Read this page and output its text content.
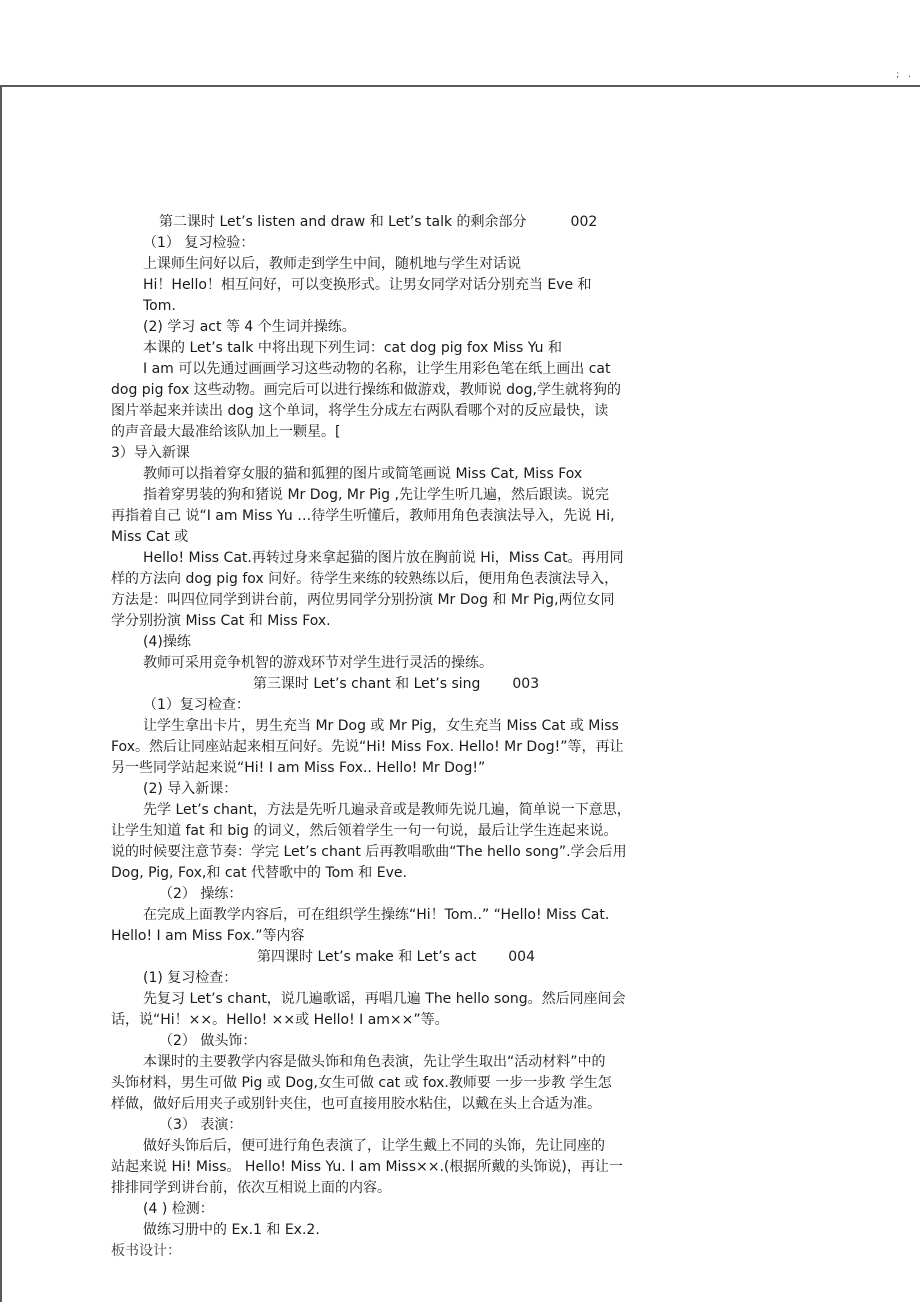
; .

第二课时 Let’s listen and draw 和 Let’s talk 的剩余部分	002

（1） 复习检验：

上课师生问好以后，教师走到学生中间，随机地与学生对话说

Hi！Hello！相互问好，可以变换形式。让男女同学对话分别充当 Eve 和

Tom.

(2) 学习 act 等 4 个生词并操练。

本课的 Let’s talk 中将出现下列生词：cat dog pig fox Miss Yu 和

I am 可以先通过画画学习这些动物的名称，让学生用彩色笔在纸上画出 cat

dog pig fox 这些动物。画完后可以进行操练和做游戏，教师说 dog,学生就将狗的

图片举起来并读出 dog 这个单词，将学生分成左右两队看哪个对的反应最快，读

的声音最大最准给该队加上一颗星。[

3）导入新课

教师可以指着穿女服的猫和狐狸的图片或简笔画说 Miss Cat, Miss Fox

指着穿男装的狗和猪说 Mr Dog, Mr Pig ,先让学生听几遍，然后跟读。说完

再指着自己 说“I am Miss Yu …待学生听懂后，教师用角色表演法导入，先说 Hi,

Miss Cat 或

Hello! Miss Cat.再转过身来拿起猫的图片放在胸前说 Hi，Miss Cat。再用同

样的方法向 dog pig fox 问好。待学生来练的较熟练以后，便用角色表演法导入，

方法是：叫四位同学到讲台前，两位男同学分别扮演 Mr Dog 和 Mr Pig,两位女同

学分别扮演 Miss Cat 和 Miss Fox.

(4)操练

教师可采用竞争机智的游戏环节对学生进行灵活的操练。

第三课时 Let’s chant 和 Let’s sing 003

（1）复习检查：

让学生拿出卡片，男生充当 Mr Dog 或 Mr Pig，女生充当 Miss Cat 或 Miss

Fox。然后让同座站起来相互问好。先说“Hi! Miss Fox. Hello! Mr Dog!”等，再让

另一些同学站起来说“Hi! I am Miss Fox.. Hello! Mr Dog!”

(2) 导入新课：

先学 Let’s chant，方法是先听几遍录音或是教师先说几遍，简单说一下意思，

让学生知道 fat 和 big 的词义，然后领着学生一句一句说，最后让学生连起来说。

说的时候要注意节奏：学完 Let’s chant 后再教唱歌曲“The hello song”.学会后用

Dog, Pig, Fox,和 cat 代替歌中的 Tom 和 Eve.

（2） 操练：

在完成上面教学内容后，可在组织学生操练“Hi！Tom..” “Hello! Miss Cat.

Hello! I am Miss Fox.”等内容

第四课时 Let’s make 和 Let’s act 004

(1) 复习检查：

先复习 Let’s chant，说几遍歌谣，再唱几遍 The hello song。然后同座间会

话，说“Hi！××。Hello! ××或 Hello! I am××”等。

（2） 做头饰：

本课时的主要教学内容是做头饰和角色表演，先让学生取出“活动材料”中的

头饰材料，男生可做 Pig 或 Dog,女生可做 cat 或 fox.教师要 一步一步教 学生怎

样做，做好后用夹子或别针夹住，也可直接用胶水粘住，以戴在头上合适为准。

（3） 表演：

做好头饰后后，便可进行角色表演了，让学生戴上不同的头饰，先让同座的

站起来说 Hi! Miss。 Hello! Miss Yu. I am Miss××.(根据所戴的头饰说)，再让一

排排同学到讲台前，依次互相说上面的内容。

(4 ) 检测：

做练习册中的 Ex.1 和 Ex.2.

板书设计：
